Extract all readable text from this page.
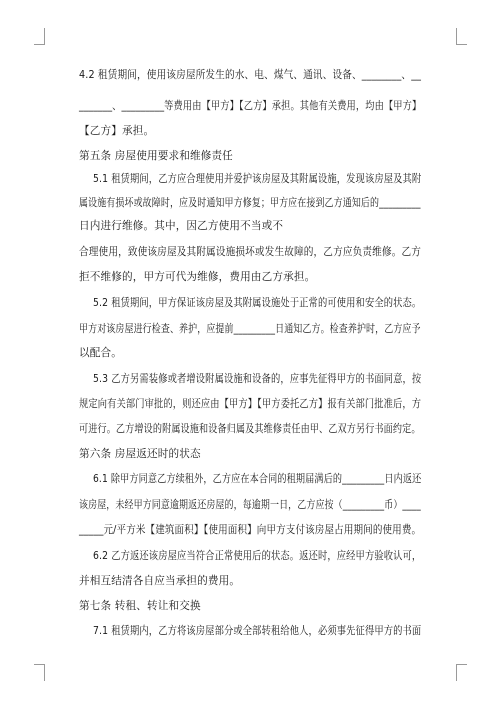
4.2 租赁期间，使用该房屋所发生的水、电、煤气、通讯、设备、________、__
_______、_________等费用由【甲方】【乙方】承担。其他有关费用，均由【甲方】
【乙方】承担。
第五条 房屋使用要求和维修责任
5.1 租赁期间，乙方应合理使用并爱护该房屋及其附属设施，发现该房屋及其附
属设施有损坏或故障时，应及时通知甲方修复；甲方应在接到乙方通知后的_________
日内进行维修。其中，因乙方使用不当或不
合理使用，致使该房屋及其附属设施损坏或发生故障的，乙方应负责维修。乙方
拒不维修的，甲方可代为维修，费用由乙方承担。
5.2 租赁期间，甲方保证该房屋及其附属设施处于正常的可使用和安全的状态。
甲方对该房屋进行检查、养护，应提前_________日通知乙方。检查养护时，乙方应予
以配合。
5.3 乙方另需装修或者增设附属设施和设备的，应事先征得甲方的书面同意，按
规定向有关部门审批的，则还应由【甲方】【甲方委托乙方】报有关部门批准后，方
可进行。乙方增设的附属设施和设备归属及其维修责任由甲、乙双方另行书面约定。
第六条 房屋返还时的状态
6.1 除甲方同意乙方续租外，乙方应在本合同的租期届满后的_________日内返还
该房屋，未经甲方同意逾期返还房屋的，每逾期一日，乙方应按（_________币）____
_____元/平方米【建筑面积】【使用面积】向甲方支付该房屋占用期间的使用费。
6.2 乙方返还该房屋应当符合正常使用后的状态。返还时，应经甲方验收认可，
并相互结清各自应当承担的费用。
第七条 转租、转让和交换
7.1 租赁期内，乙方将该房屋部分或全部转租给他人，必须事先征得甲方的书面
